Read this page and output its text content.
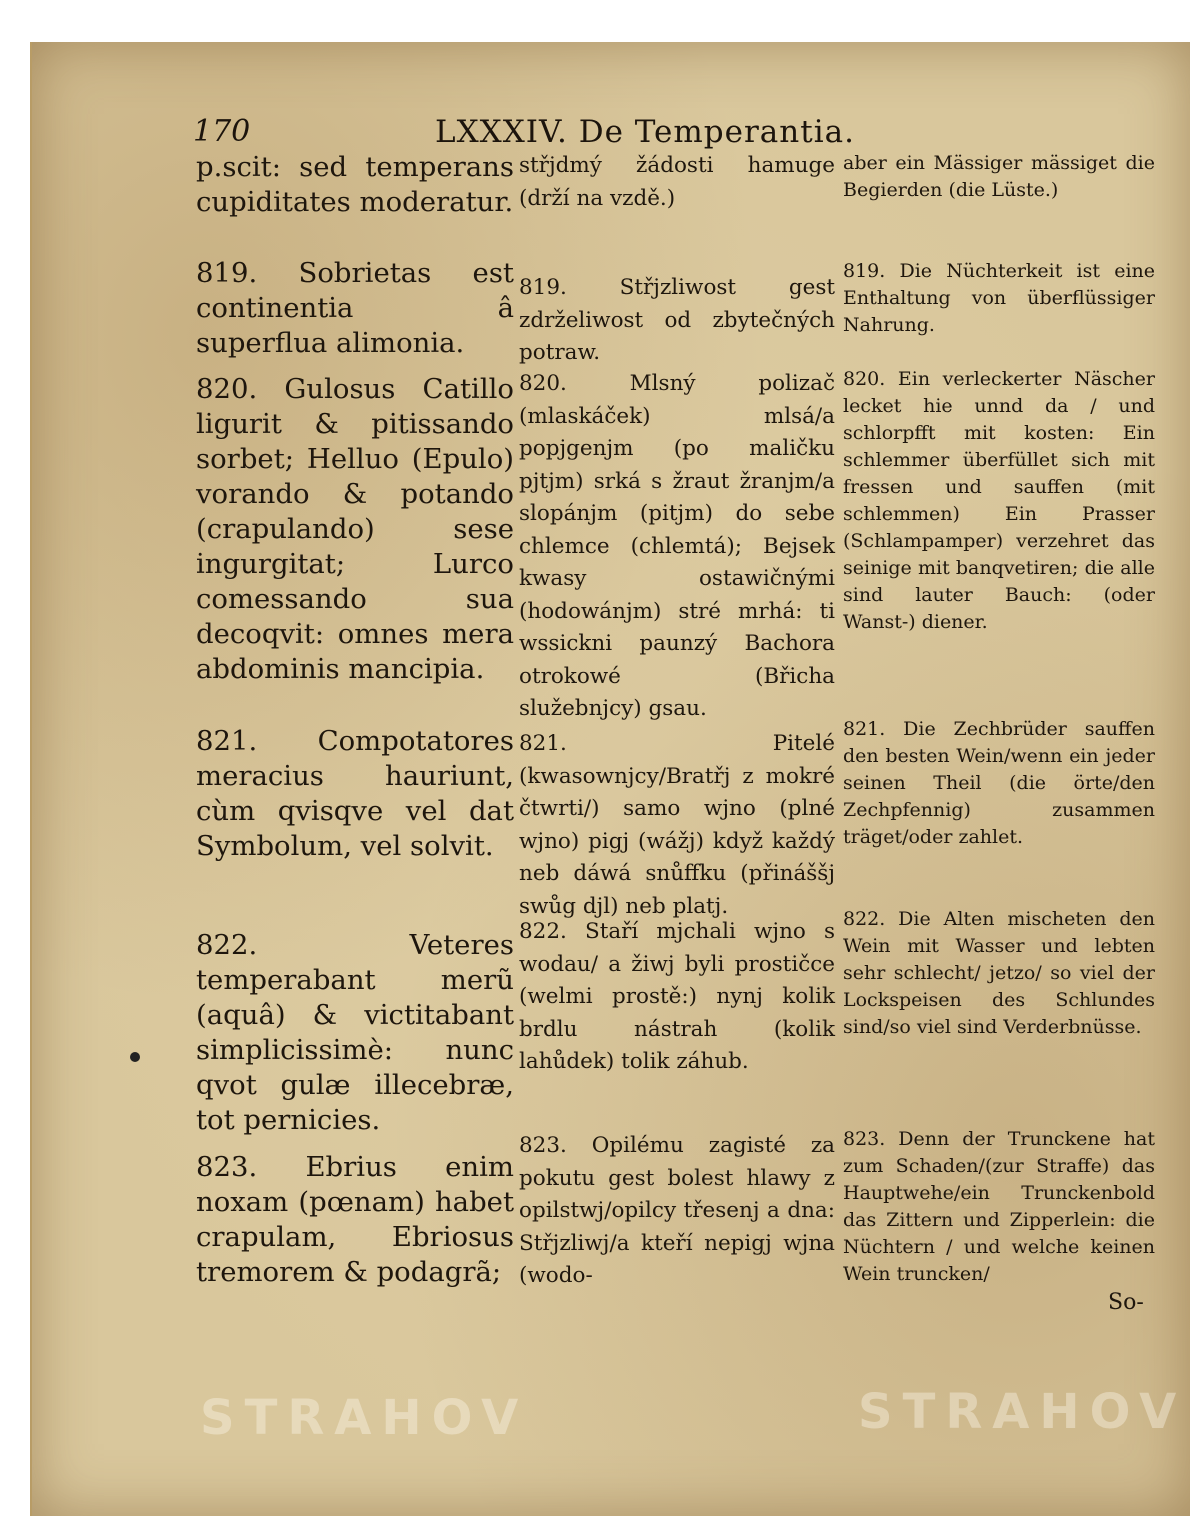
170	LXXXIV. De Temperantia.

p.scit: sed temperans cupiditates moderatur.

819. Sobrietas est continentia â superflua alimonia.

820. Gulosus Catillo ligurit & pitissando sorbet; Helluo (Epulo) vorando & potando (crapulando) sese ingurgitat; Lurco comessando sua decoqvit: omnes mera abdominis mancipia.

821. Compotatores meracius hauriunt, cùm qvisqve vel dat Symbolum, vel solvit.

822. Veteres temperabant merũ (aquâ) & victitabant simplicissimè: nunc qvot gulæ illecebræ, tot pernicies.

823. Ebrius enim noxam (pœnam) habet crapulam, Ebriosus tremorem & podagrã;

střjdmý žádosti hamuge (drží na vzdě.)

819. Střjzliwost gest zdrželiwost od zbytečných potraw.

820. Mlsný polizač (mlaskáček) mlsá/a popjgenjm (po maličku pjtjm) srká s žraut žranjm/a slopánjm (pitjm) do sebe chlemce (chlemtá); Bejsek kwasy ostawičnými (hodowánjm) stré mrhá: ti wssickni paunzý Bachora otrokowé (Břicha služebnjcy) gsau.

821. Pitelé (kwasownjcy/Bratřj z mokré čtwrti/) samo wjno (plné wjno) pigj (wážj) když každý neb dáwá snůffku (přináššj swůg djl) neb platj.

822. Staří mjchali wjno s wodau/ a žiwj byli prostičce (welmi prostě:) nynj kolik brdlu nástrah (kolik lahůdek) tolik záhub.

823. Opilému zagisté za pokutu gest bolest hlawy z opilstwj/opilcy třesenj a dna: Střjzliwj/a kteří nepigj wjna (wodo-

aber ein Mässiger mässiget die Begierden (die Lüste.)

819. Die Nüchterkeit ist eine Enthaltung von überflüssiger Nahrung.

820. Ein verleckerter Näscher lecket hie unnd da / und schlorpfft mit kosten: Ein schlemmer überfüllet sich mit fressen und sauffen (mit schlemmen) Ein Prasser (Schlampamper) verzehret das seinige mit banqvetiren; die alle sind lauter Bauch: (oder Wanst-) diener.

821. Die Zechbrüder sauffen den besten Wein/wenn ein jeder seinen Theil (die örte/den Zechpfennig) zusammen träget/oder zahlet.

822. Die Alten mischeten den Wein mit Wasser und lebten sehr schlecht/ jetzo/ so viel der Lockspeisen des Schlundes sind/so viel sind Verderbnüsse.

823. Denn der Trunckene hat zum Schaden/(zur Straffe) das Hauptwehe/ein Trunckenbold das Zittern und Zipperlein: die Nüchtern / und welche keinen Wein truncken/

So-
STRAHOV	STRAHOV
